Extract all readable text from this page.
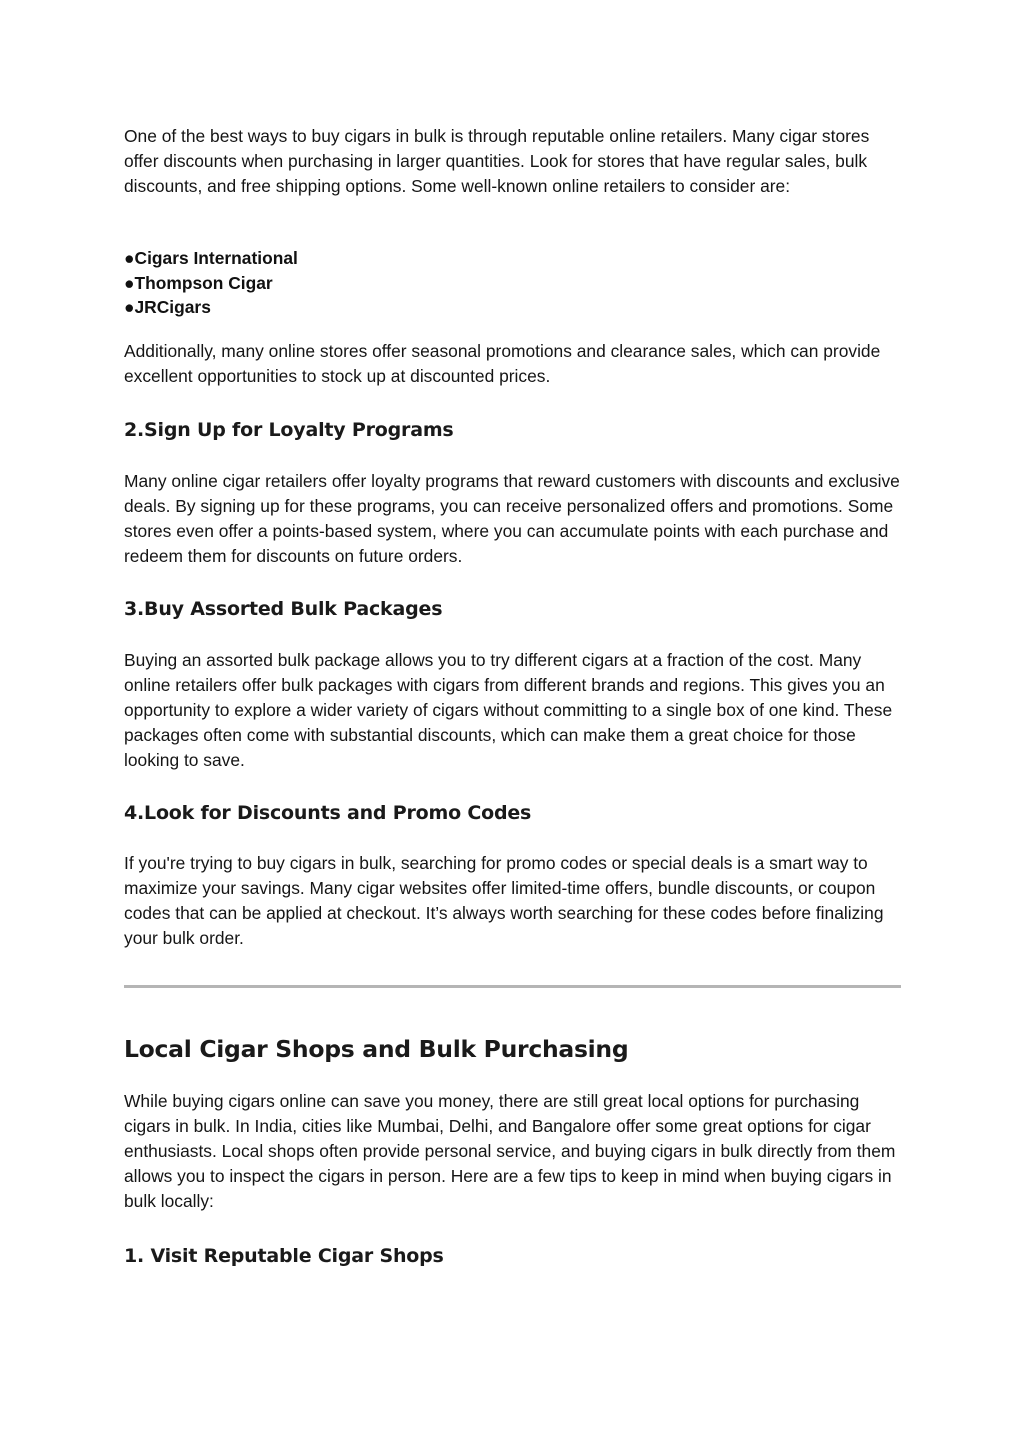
One of the best ways to buy cigars in bulk is through reputable online retailers. Many cigar stores offer discounts when purchasing in larger quantities. Look for stores that have regular sales, bulk discounts, and free shipping options. Some well-known online retailers to consider are:

●Cigars International
●Thompson Cigar
●JRCigars

Additionally, many online stores offer seasonal promotions and clearance sales, which can provide excellent opportunities to stock up at discounted prices.

2.Sign Up for Loyalty Programs

Many online cigar retailers offer loyalty programs that reward customers with discounts and exclusive deals. By signing up for these programs, you can receive personalized offers and promotions. Some stores even offer a points-based system, where you can accumulate points with each purchase and redeem them for discounts on future orders.

3.Buy Assorted Bulk Packages

Buying an assorted bulk package allows you to try different cigars at a fraction of the cost. Many online retailers offer bulk packages with cigars from different brands and regions. This gives you an opportunity to explore a wider variety of cigars without committing to a single box of one kind. These packages often come with substantial discounts, which can make them a great choice for those looking to save.

4.Look for Discounts and Promo Codes

If you're trying to buy cigars in bulk, searching for promo codes or special deals is a smart way to maximize your savings. Many cigar websites offer limited-time offers, bundle discounts, or coupon codes that can be applied at checkout. It’s always worth searching for these codes before finalizing your bulk order.

Local Cigar Shops and Bulk Purchasing

While buying cigars online can save you money, there are still great local options for purchasing cigars in bulk. In India, cities like Mumbai, Delhi, and Bangalore offer some great options for cigar enthusiasts. Local shops often provide personal service, and buying cigars in bulk directly from them allows you to inspect the cigars in person. Here are a few tips to keep in mind when buying cigars in bulk locally:

1. Visit Reputable Cigar Shops
